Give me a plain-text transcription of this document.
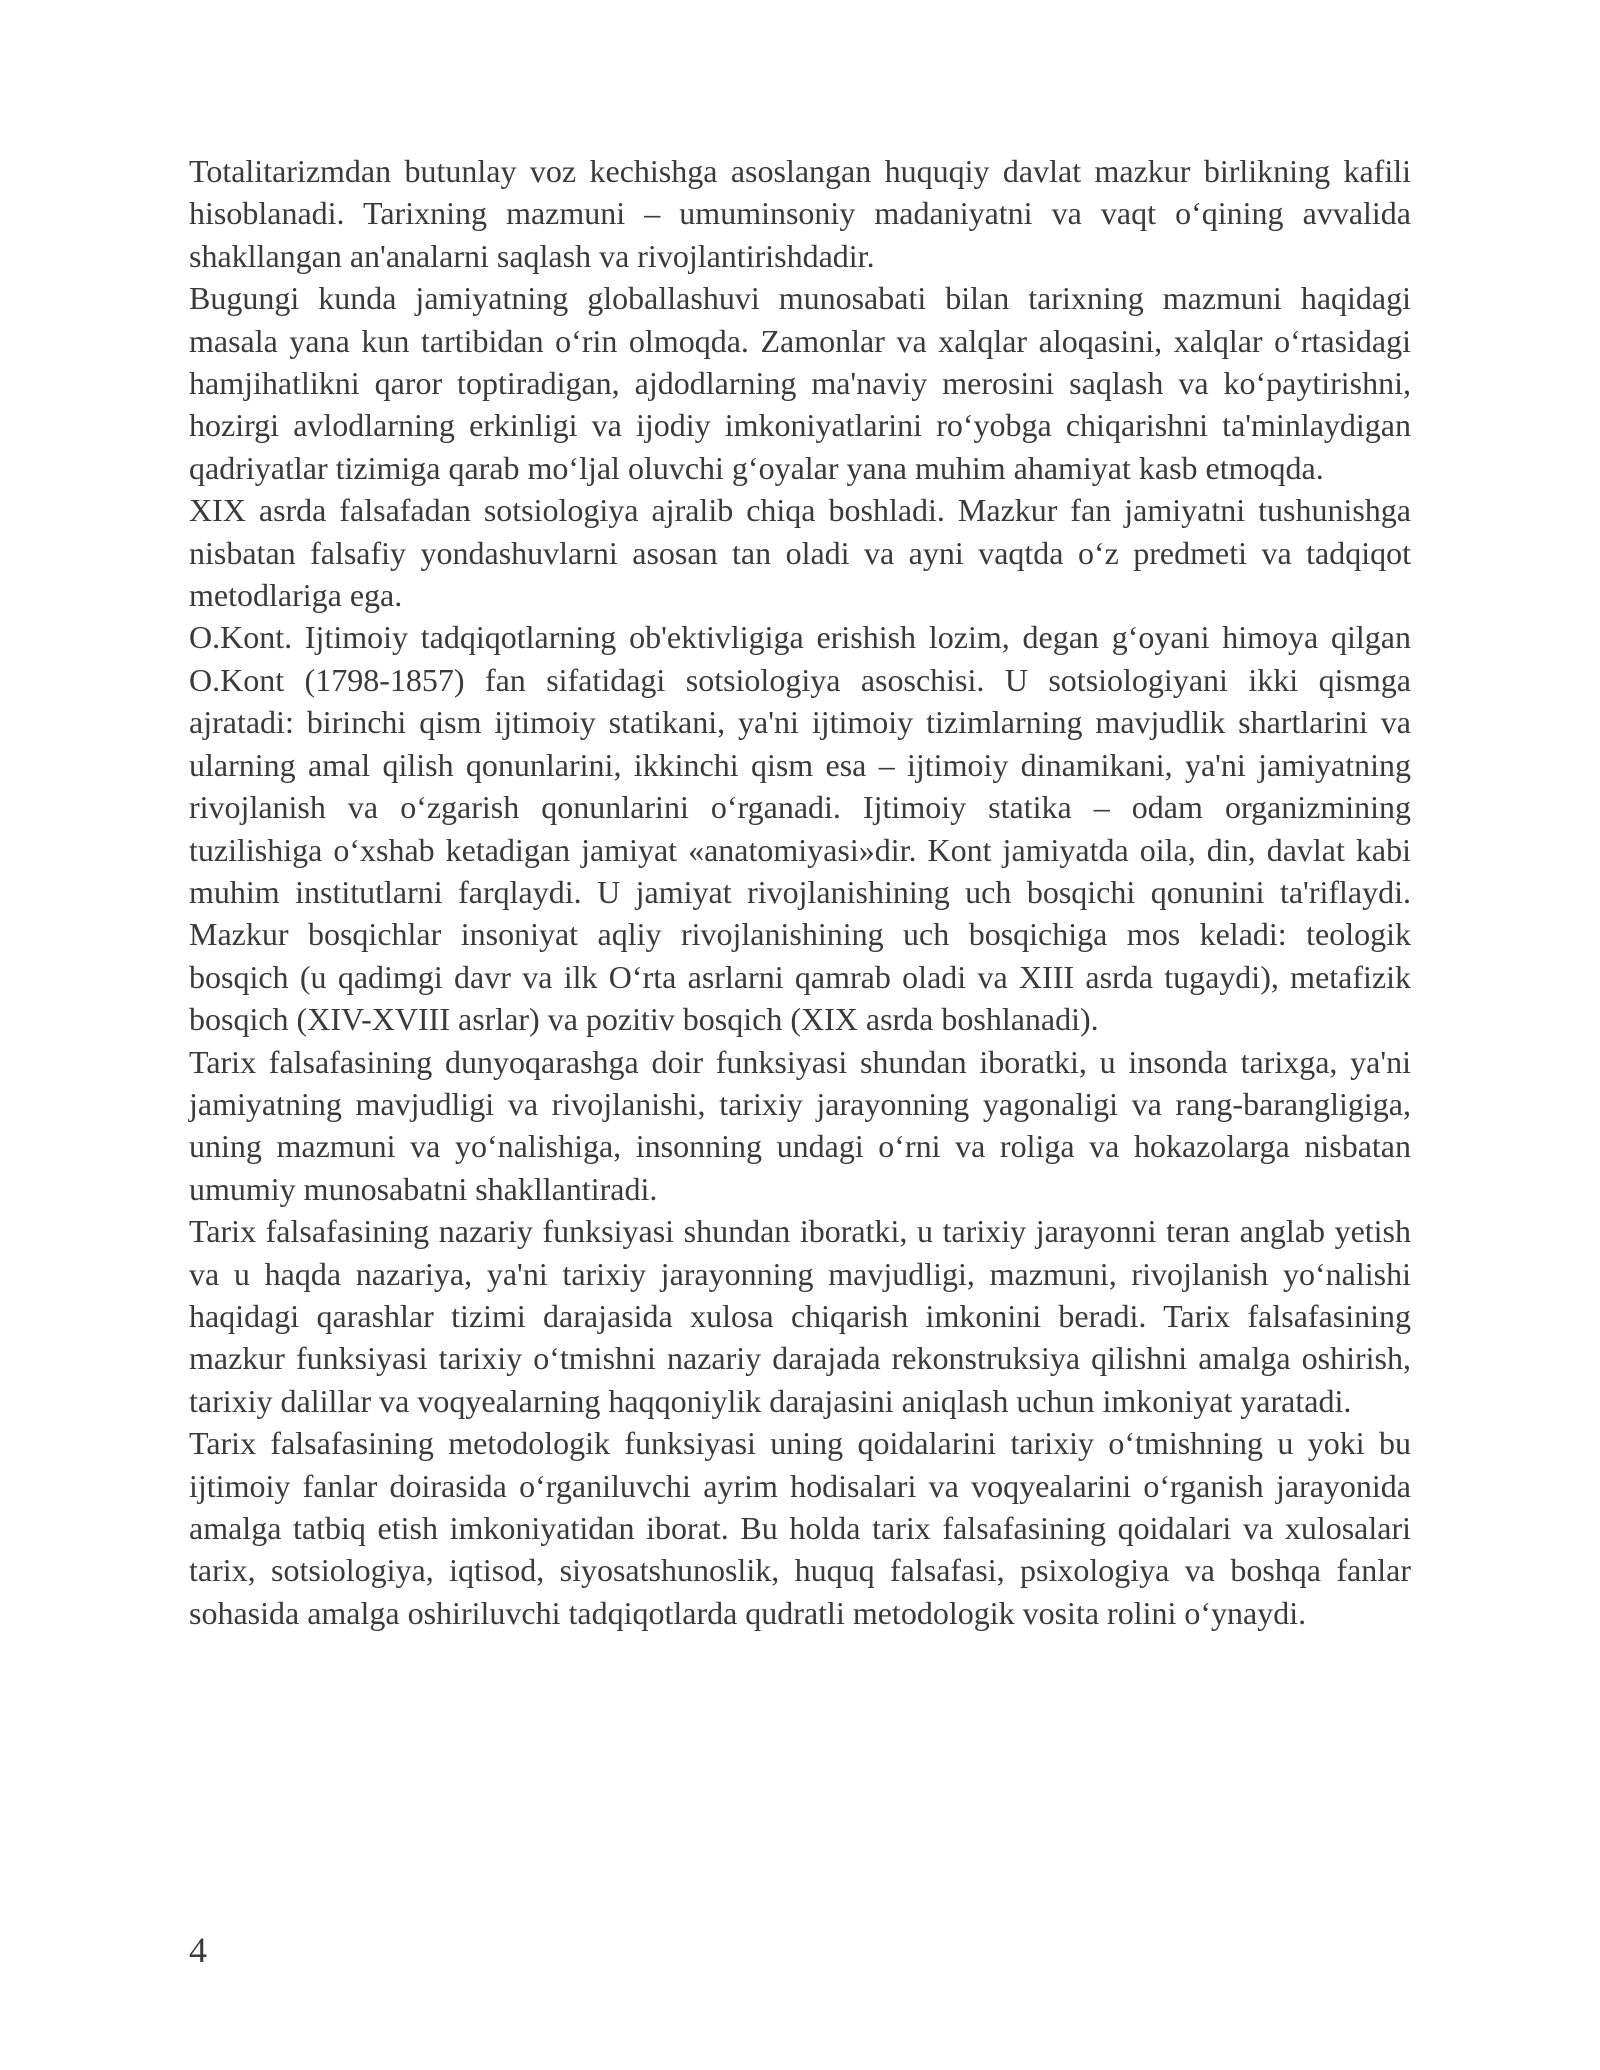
Totalitarizmdan butunlay voz kechishga asoslangan huquqiy davlat mazkur birlikning kafili hisoblanadi. Tarixning mazmuni – umuminsoniy madaniyatni va vaqt oʻqining avvalida shakllangan an'analarni saqlash va rivojlantirishdadir.

Bugungi kunda jamiyatning globallashuvi munosabati bilan tarixning mazmuni haqidagi masala yana kun tartibidan oʻrin olmoqda. Zamonlar va xalqlar aloqasini, xalqlar oʻrtasidagi hamjihatlikni qaror toptiradigan, ajdodlarning ma'naviy merosini saqlash va koʻpaytirishni, hozirgi avlodlarning erkinligi va ijodiy imkoniyatlarini roʻyobga chiqarishni ta'minlaydigan qadriyatlar tizimiga qarab moʻljal oluvchi gʻoyalar yana muhim ahamiyat kasb etmoqda.

XIX asrda falsafadan sotsiologiya ajralib chiqa boshladi. Mazkur fan jamiyatni tushunishga nisbatan falsafiy yondashuvlarni asosan tan oladi va ayni vaqtda oʻz predmeti va tadqiqot metodlariga ega.

O.Kont. Ijtimoiy tadqiqotlarning ob'ektivligiga erishish lozim, degan gʻoyani himoya qilgan O.Kont (1798-1857) fan sifatidagi sotsiologiya asoschisi. U sotsiologiyani ikki qismga ajratadi: birinchi qism ijtimoiy statikani, ya'ni ijtimoiy tizimlarning mavjudlik shartlarini va ularning amal qilish qonunlarini, ikkinchi qism esa – ijtimoiy dinamikani, ya'ni jamiyatning rivojlanish va oʻzgarish qonunlarini oʻrganadi. Ijtimoiy statika – odam organizmining tuzilishiga oʻxshab ketadigan jamiyat «anatomiyasi»dir. Kont jamiyatda oila, din, davlat kabi muhim institutlarni farqlaydi. U jamiyat rivojlanishining uch bosqichi qonunini ta'riflaydi. Mazkur bosqichlar insoniyat aqliy rivojlanishining uch bosqichiga mos keladi: teologik bosqich (u qadimgi davr va ilk Oʻrta asrlarni qamrab oladi va XIII asrda tugaydi), metafizik bosqich (XIV-XVIII asrlar) va pozitiv bosqich (XIX asrda boshlanadi).

Tarix falsafasining dunyoqarashga doir funksiyasi shundan iboratki, u insonda tarixga, ya'ni jamiyatning mavjudligi va rivojlanishi, tarixiy jarayonning yagonaligi va rang-barangligiga, uning mazmuni va yoʻnalishiga, insonning undagi oʻrni va roliga va hokazolarga nisbatan umumiy munosabatni shakllantiradi.

Tarix falsafasining nazariy funksiyasi shundan iboratki, u tarixiy jarayonni teran anglab yetish va u haqda nazariya, ya'ni tarixiy jarayonning mavjudligi, mazmuni, rivojlanish yoʻnalishi haqidagi qarashlar tizimi darajasida xulosa chiqarish imkonini beradi. Tarix falsafasining mazkur funksiyasi tarixiy oʻtmishni nazariy darajada rekonstruksiya qilishni amalga oshirish, tarixiy dalillar va voqyealarning haqqoniylik darajasini aniqlash uchun imkoniyat yaratadi.

Tarix falsafasining metodologik funksiyasi uning qoidalarini tarixiy oʻtmishning u yoki bu ijtimoiy fanlar doirasida oʻrganiluvchi ayrim hodisalari va voqyealarini oʻrganish jarayonida amalga tatbiq etish imkoniyatidan iborat. Bu holda tarix falsafasining qoidalari va xulosalari tarix, sotsiologiya, iqtisod, siyosatshunoslik, huquq falsafasi, psixologiya va boshqa fanlar sohasida amalga oshiriluvchi tadqiqotlarda qudratli metodologik vosita rolini oʻynaydi.

4
